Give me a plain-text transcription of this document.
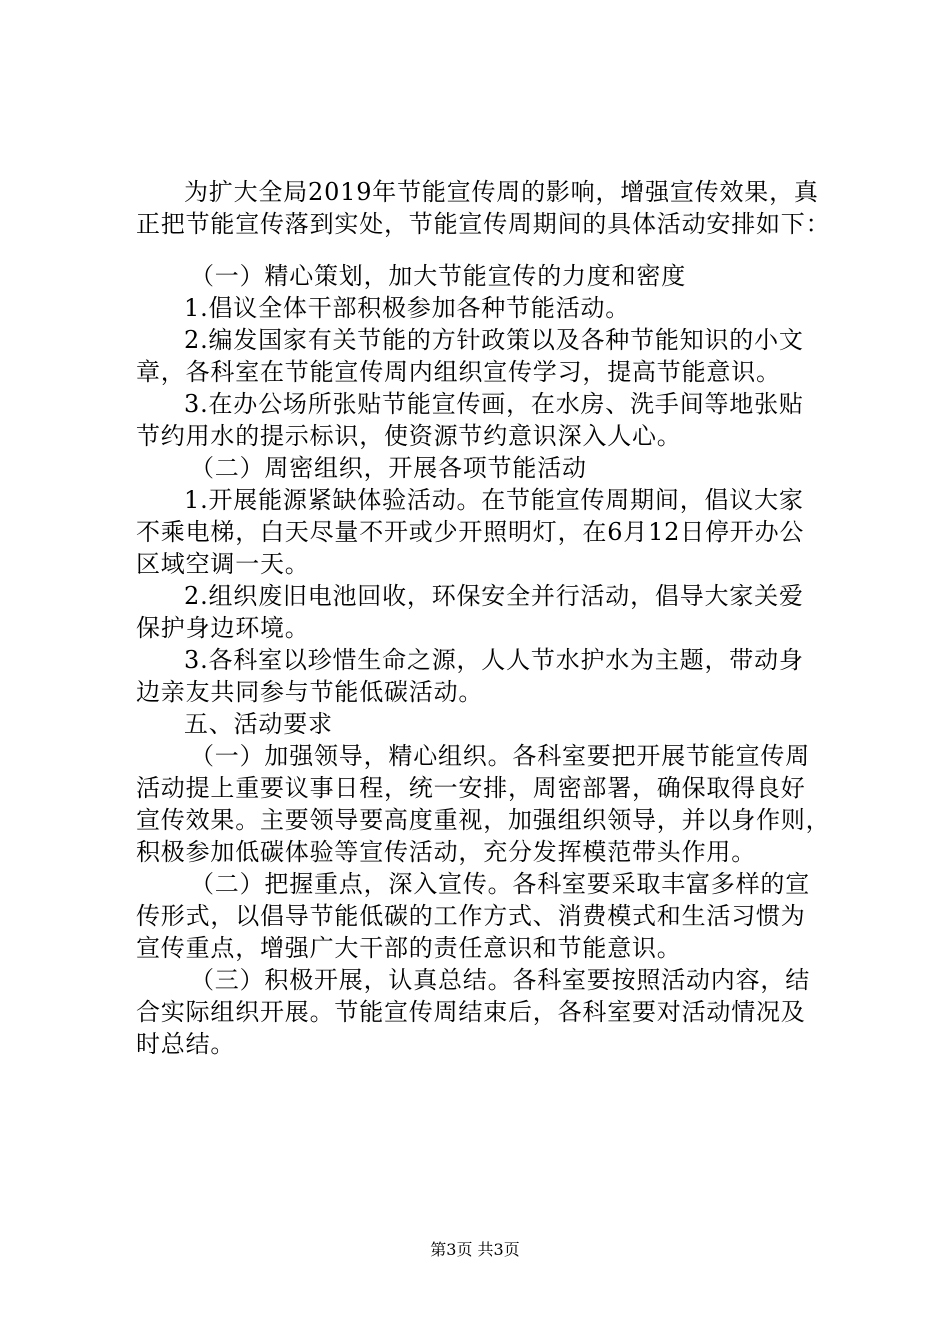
为扩大全局2019年节能宣传周的影响，增强宣传效果，真
正把节能宣传落到实处，节能宣传周期间的具体活动安排如下：
（一）精心策划，加大节能宣传的力度和密度
1.倡议全体干部积极参加各种节能活动。
2.编发国家有关节能的方针政策以及各种节能知识的小文
章，各科室在节能宣传周内组织宣传学习，提高节能意识。
3.在办公场所张贴节能宣传画，在水房、洗手间等地张贴
节约用水的提示标识，使资源节约意识深入人心。
（二）周密组织，开展各项节能活动
1.开展能源紧缺体验活动。在节能宣传周期间，倡议大家
不乘电梯，白天尽量不开或少开照明灯，在6月12日停开办公
区域空调一天。
2.组织废旧电池回收，环保安全并行活动，倡导大家关爱
保护身边环境。
3.各科室以珍惜生命之源，人人节水护水为主题，带动身
边亲友共同参与节能低碳活动。
五、活动要求
（一）加强领导，精心组织。各科室要把开展节能宣传周
活动提上重要议事日程，统一安排，周密部署，确保取得良好
宣传效果。主要领导要高度重视，加强组织领导，并以身作则，
积极参加低碳体验等宣传活动，充分发挥模范带头作用。
（二）把握重点，深入宣传。各科室要采取丰富多样的宣
传形式，以倡导节能低碳的工作方式、消费模式和生活习惯为
宣传重点，增强广大干部的责任意识和节能意识。
（三）积极开展，认真总结。各科室要按照活动内容，结
合实际组织开展。节能宣传周结束后，各科室要对活动情况及
时总结。
第3页 共3页
